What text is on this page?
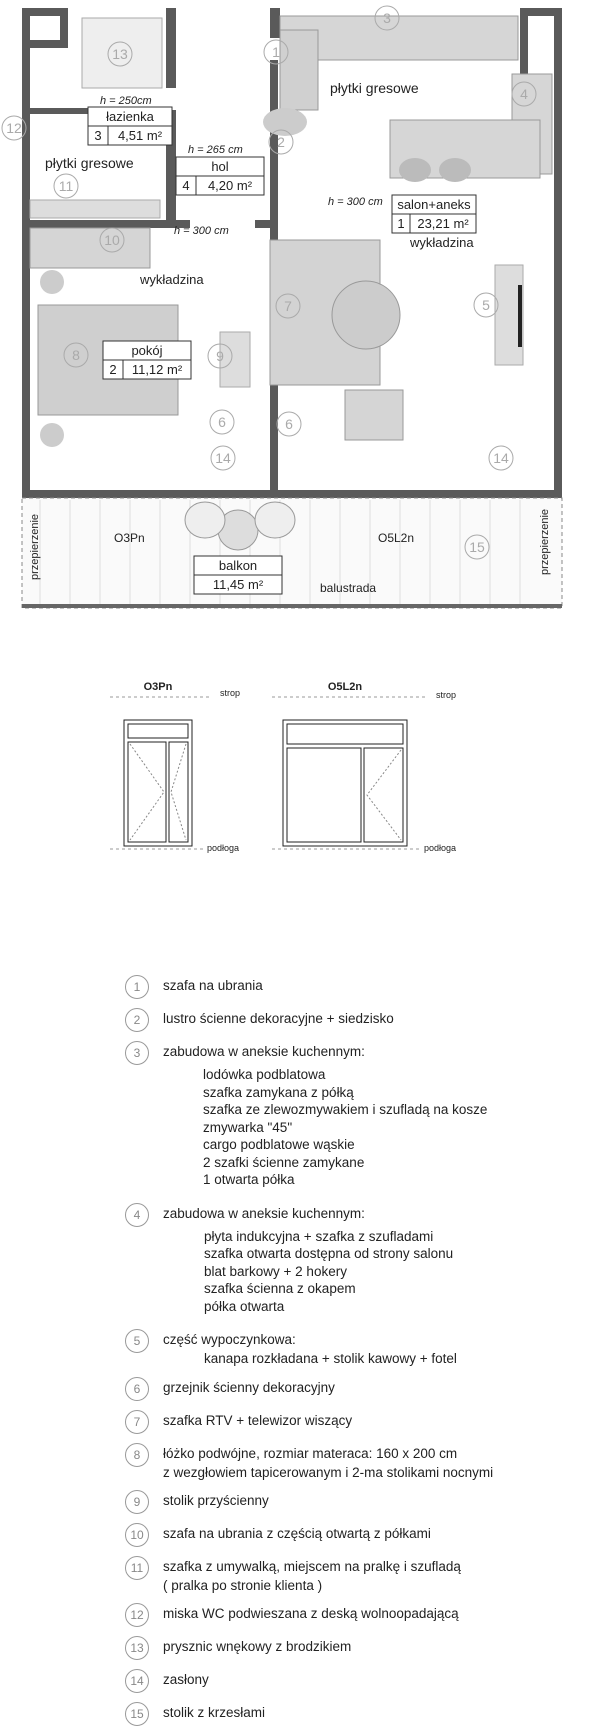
h = 250cm
łazienka
3 4,51 m²
płytki gresowe
h = 265 cm
hol
4 4,20 m²
płytki gresowe
h = 300 cm salon+aneks
1 23,21 m²
wykładzina
h = 300 cm
wykładzina
pokój
2 11,12 m²
balkon
11,45 m²	balustrada
O3Pn	O5L2n
przepierzenie	przepierzenie
1
2
3
4
5
6	6
7
8	9
10
11
12
13
14	14
15
O3Pn	strop
podłoga
O5L2n
strop
podłoga
1	szafa na ubrania
2	lustro ścienne dekoracyjne + siedzisko
3	zabudowa w aneksie kuchennym:
lodówka podblatowa
szafka zamykana z półką
szafka ze zlewozmywakiem i szufladą na kosze
zmywarka "45"
cargo podblatowe wąskie
2 szafki ścienne zamykane
1 otwarta półka
4	zabudowa w aneksie kuchennym:
płyta indukcyjna + szafka z szufladami
szafka otwarta dostępna od strony salonu
blat barkowy + 2 hokery
szafka ścienna z okapem
półka otwarta
5	część wypoczynkowa:
kanapa rozkładana + stolik kawowy + fotel
6	grzejnik ścienny dekoracyjny
7	szafka RTV + telewizor wiszący
8	łóżko podwójne, rozmiar materaca: 160 x 200 cm
z wezgłowiem tapicerowanym i 2-ma stolikami nocnymi
9	stolik przyścienny
10	szafa na ubrania z częścią otwartą z półkami
11	szafka z umywalką, miejscem na pralkę i szufladą
( pralka po stronie klienta )
12	miska WC podwieszana z deską wolnoopadającą
13	prysznic wnękowy z brodzikiem
14	zasłony
15	stolik z krzesłami
